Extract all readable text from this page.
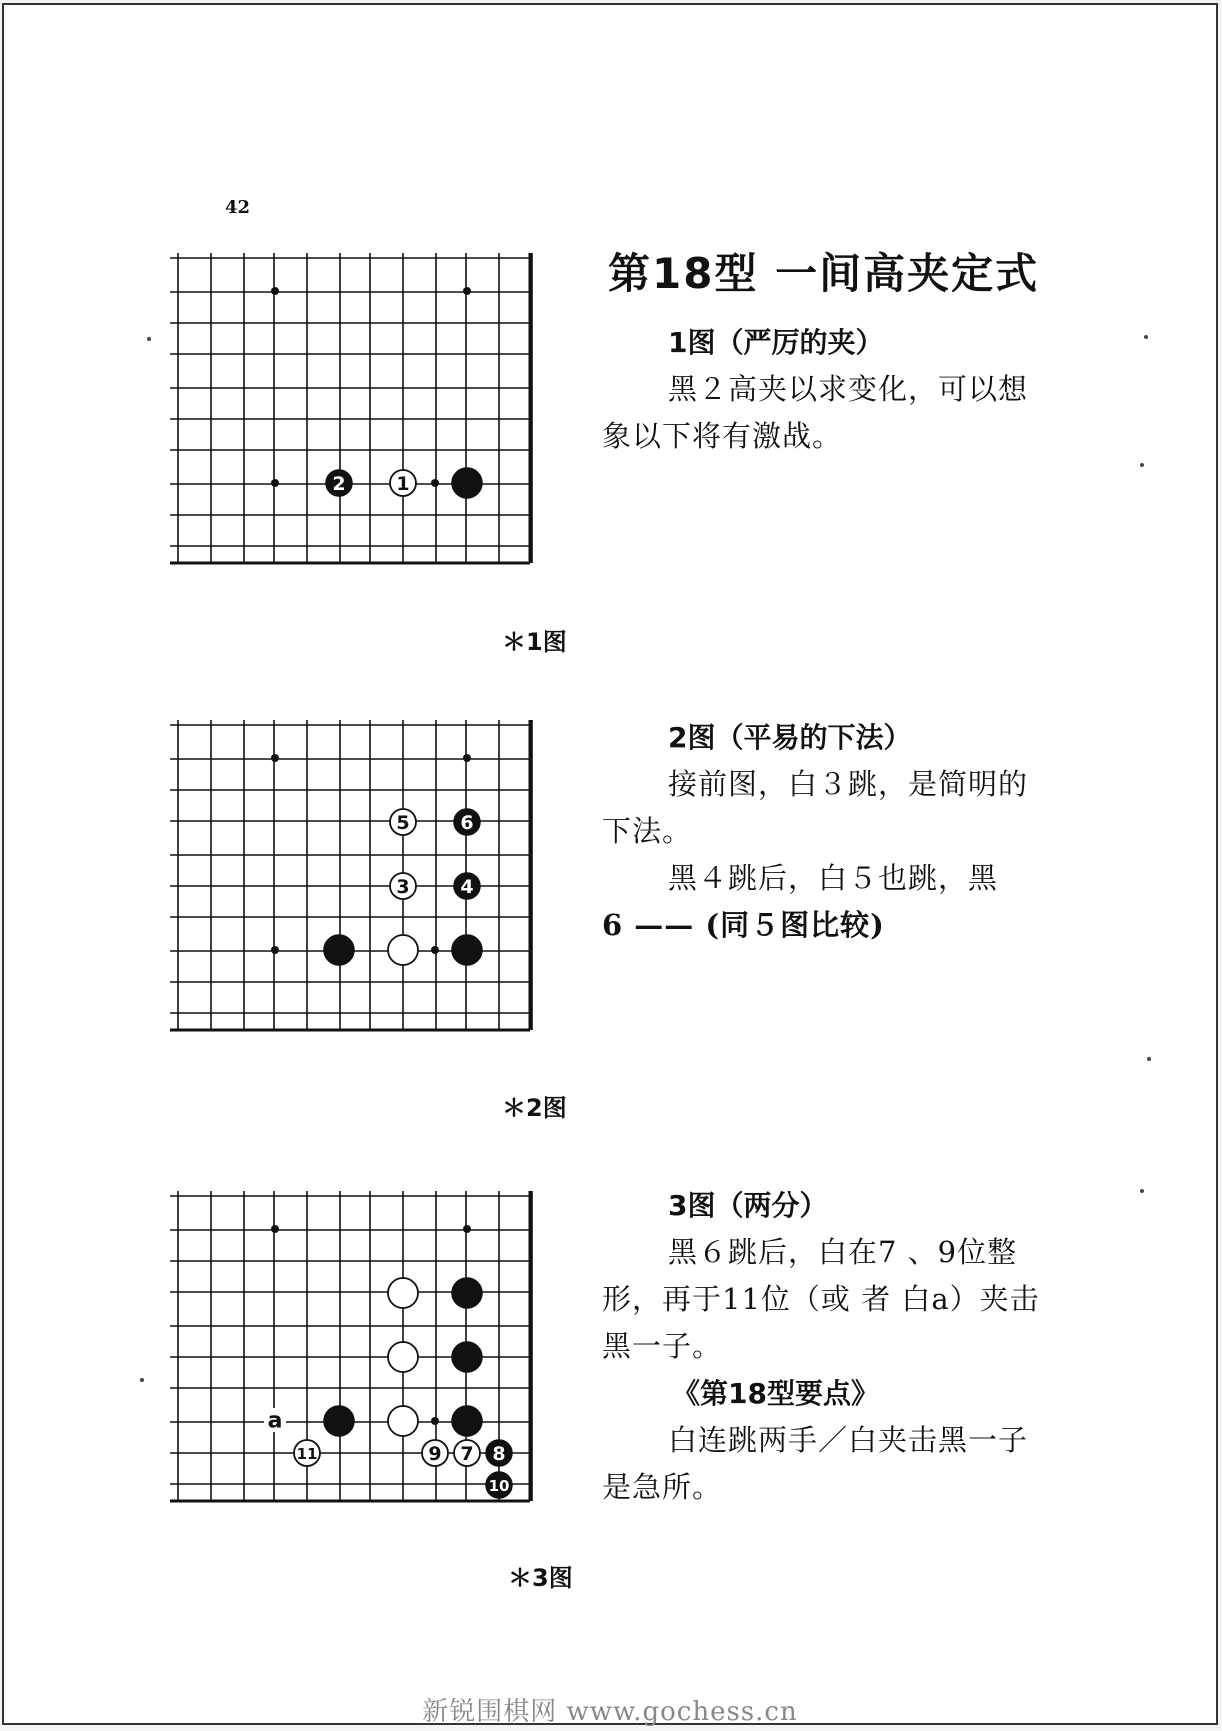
42
1
2
＊1图
3	4
5	6
＊2图
7 8
9
10
11
a
＊3图
第18型 一间高夹定式
1图（严厉的夹）

黑２高夹以求变化，可以想象以下将有激战。

2图（平易的下法）

接前图，白３跳，是简明的下法。

黑４跳后，白５也跳，黑

6 —— (同５图比较)

3图（两分）

黑６跳后，白在7 、9位整形，再于11位（或 者 白a）夹击黑一子。

《第18型要点》

白连跳两手／白夹击黑一子是急所。

新锐围棋网 www.gochess.cn
